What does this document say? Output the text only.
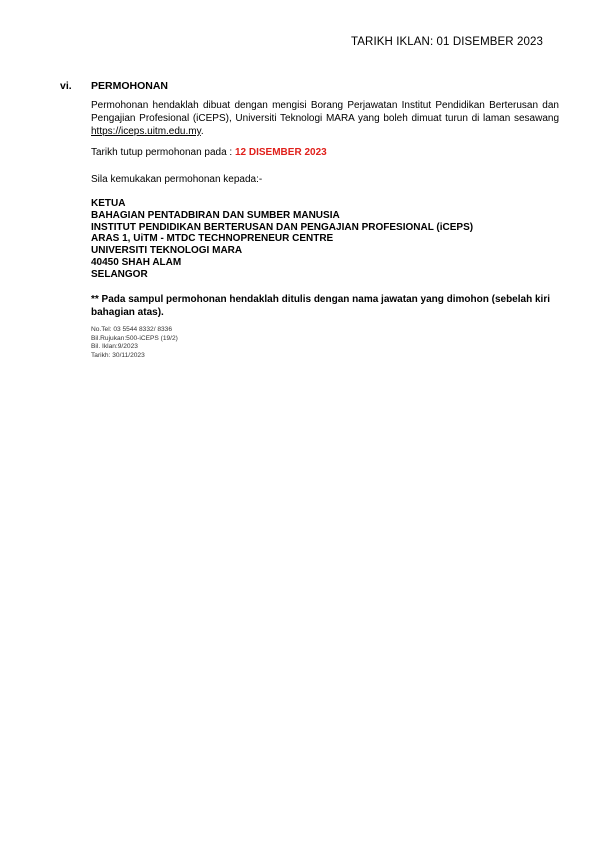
TARIKH IKLAN: 01 DISEMBER 2023
vi. PERMOHONAN
Permohonan hendaklah dibuat dengan mengisi Borang Perjawatan Institut Pendidikan Berterusan dan Pengajian Profesional (iCEPS), Universiti Teknologi MARA yang boleh dimuat turun di laman sesawang https://iceps.uitm.edu.my.
Tarikh tutup permohonan pada : 12 DISEMBER 2023
Sila kemukakan permohonan kepada:-
KETUA
BAHAGIAN PENTADBIRAN DAN SUMBER MANUSIA
INSTITUT PENDIDIKAN BERTERUSAN DAN PENGAJIAN PROFESIONAL (iCEPS)
ARAS 1, UiTM - MTDC TECHNOPRENEUR CENTRE
UNIVERSITI TEKNOLOGI MARA
40450 SHAH ALAM
SELANGOR
** Pada sampul permohonan hendaklah ditulis dengan nama jawatan yang dimohon (sebelah kiri bahagian atas).
No.Tel: 03 5544 8332/ 8336
Bil.Rujukan:500-iCEPS (19/2)
Bil. Iklan:9/2023
Tarikh: 30/11/2023
